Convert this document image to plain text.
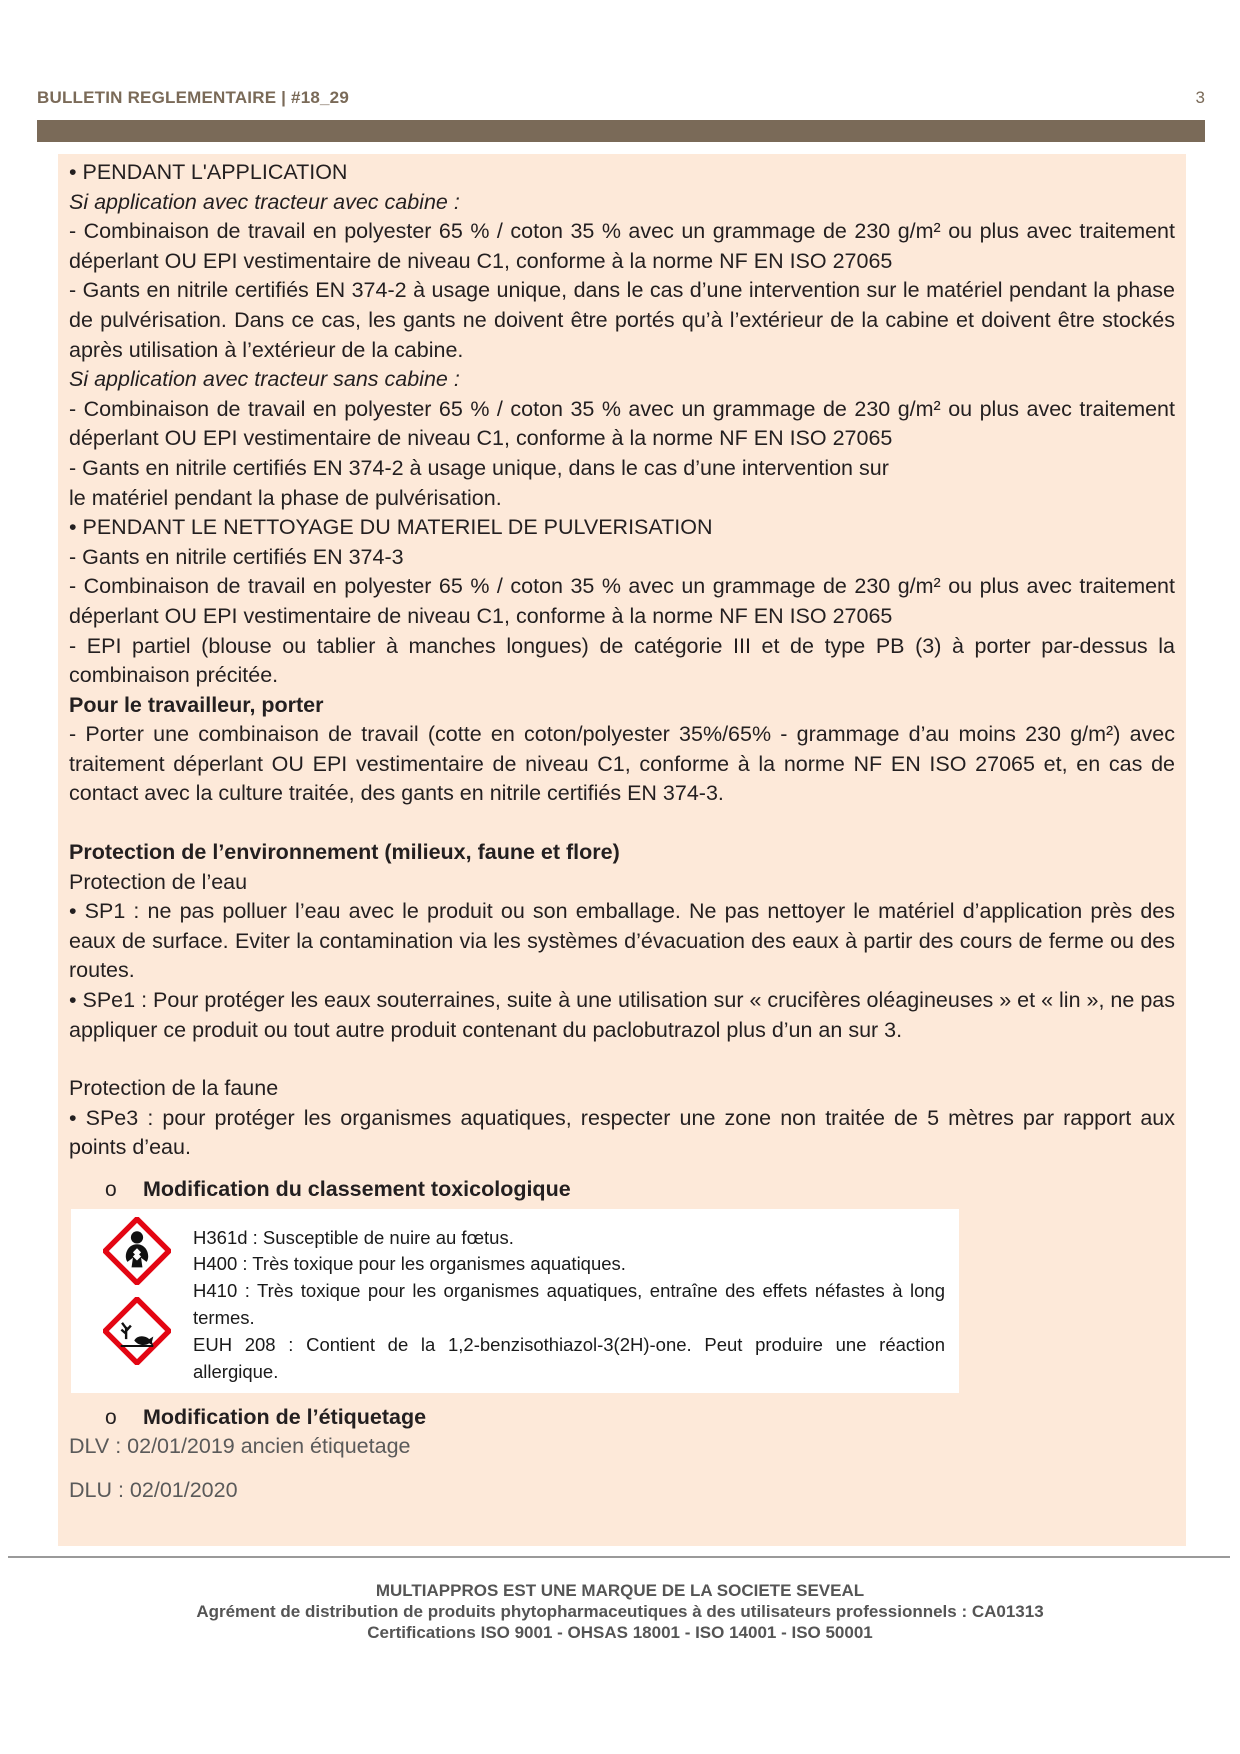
BULLETIN REGLEMENTAIRE | #18_29	3

• PENDANT L'APPLICATION

Si application avec tracteur avec cabine :

- Combinaison de travail en polyester 65 % / coton 35 % avec un grammage de 230 g/m² ou plus avec traitement déperlant OU EPI vestimentaire de niveau C1, conforme à la norme NF EN ISO 27065

- Gants en nitrile certifiés EN 374-2 à usage unique, dans le cas d’une intervention sur le matériel pendant la phase de pulvérisation. Dans ce cas, les gants ne doivent être portés qu’à l’extérieur de la cabine et doivent être stockés après utilisation à l’extérieur de la cabine.

Si application avec tracteur sans cabine :

- Combinaison de travail en polyester 65 % / coton 35 % avec un grammage de 230 g/m² ou plus avec traitement déperlant OU EPI vestimentaire de niveau C1, conforme à la norme NF EN ISO 27065

- Gants en nitrile certifiés EN 374-2 à usage unique, dans le cas d’une intervention sur

le matériel pendant la phase de pulvérisation.

• PENDANT LE NETTOYAGE DU MATERIEL DE PULVERISATION

- Gants en nitrile certifiés EN 374-3

- Combinaison de travail en polyester 65 % / coton 35 % avec un grammage de 230 g/m² ou plus avec traitement déperlant OU EPI vestimentaire de niveau C1, conforme à la norme NF EN ISO 27065

- EPI partiel (blouse ou tablier à manches longues) de catégorie III et de type PB (3) à porter par-dessus la combinaison précitée.

Pour le travailleur, porter

- Porter une combinaison de travail (cotte en coton/polyester 35%/65% - grammage d’au moins 230 g/m²) avec traitement déperlant OU EPI vestimentaire de niveau C1, conforme à la norme NF EN ISO 27065 et, en cas de contact avec la culture traitée, des gants en nitrile certifiés EN 374-3.

Protection de l’environnement (milieux, faune et flore)

Protection de l’eau

• SP1 : ne pas polluer l’eau avec le produit ou son emballage. Ne pas nettoyer le matériel d’application près des eaux de surface. Eviter la contamination via les systèmes d’évacuation des eaux à partir des cours de ferme ou des routes.

• SPe1 : Pour protéger les eaux souterraines, suite à une utilisation sur « crucifères oléagineuses » et « lin », ne pas appliquer ce produit ou tout autre produit contenant du paclobutrazol plus d’un an sur 3.

Protection de la faune

• SPe3 : pour protéger les organismes aquatiques, respecter une zone non traitée de 5 mètres par rapport aux points d’eau.

o	Modification du classement toxicologique

H361d : Susceptible de nuire au fœtus.

H400 : Très toxique pour les organismes aquatiques.

H410 : Très toxique pour les organismes aquatiques, entraîne des effets néfastes à long termes.

EUH 208 : Contient de la 1,2-benzisothiazol-3(2H)-one. Peut produire une réaction allergique.

o	Modification de l’étiquetage

DLV : 02/01/2019 ancien étiquetage

DLU : 02/01/2020

MULTIAPPROS EST UNE MARQUE DE LA SOCIETE SEVEAL

Agrément de distribution de produits phytopharmaceutiques à des utilisateurs professionnels : CA01313

Certifications ISO 9001 - OHSAS 18001 - ISO 14001 - ISO 50001
